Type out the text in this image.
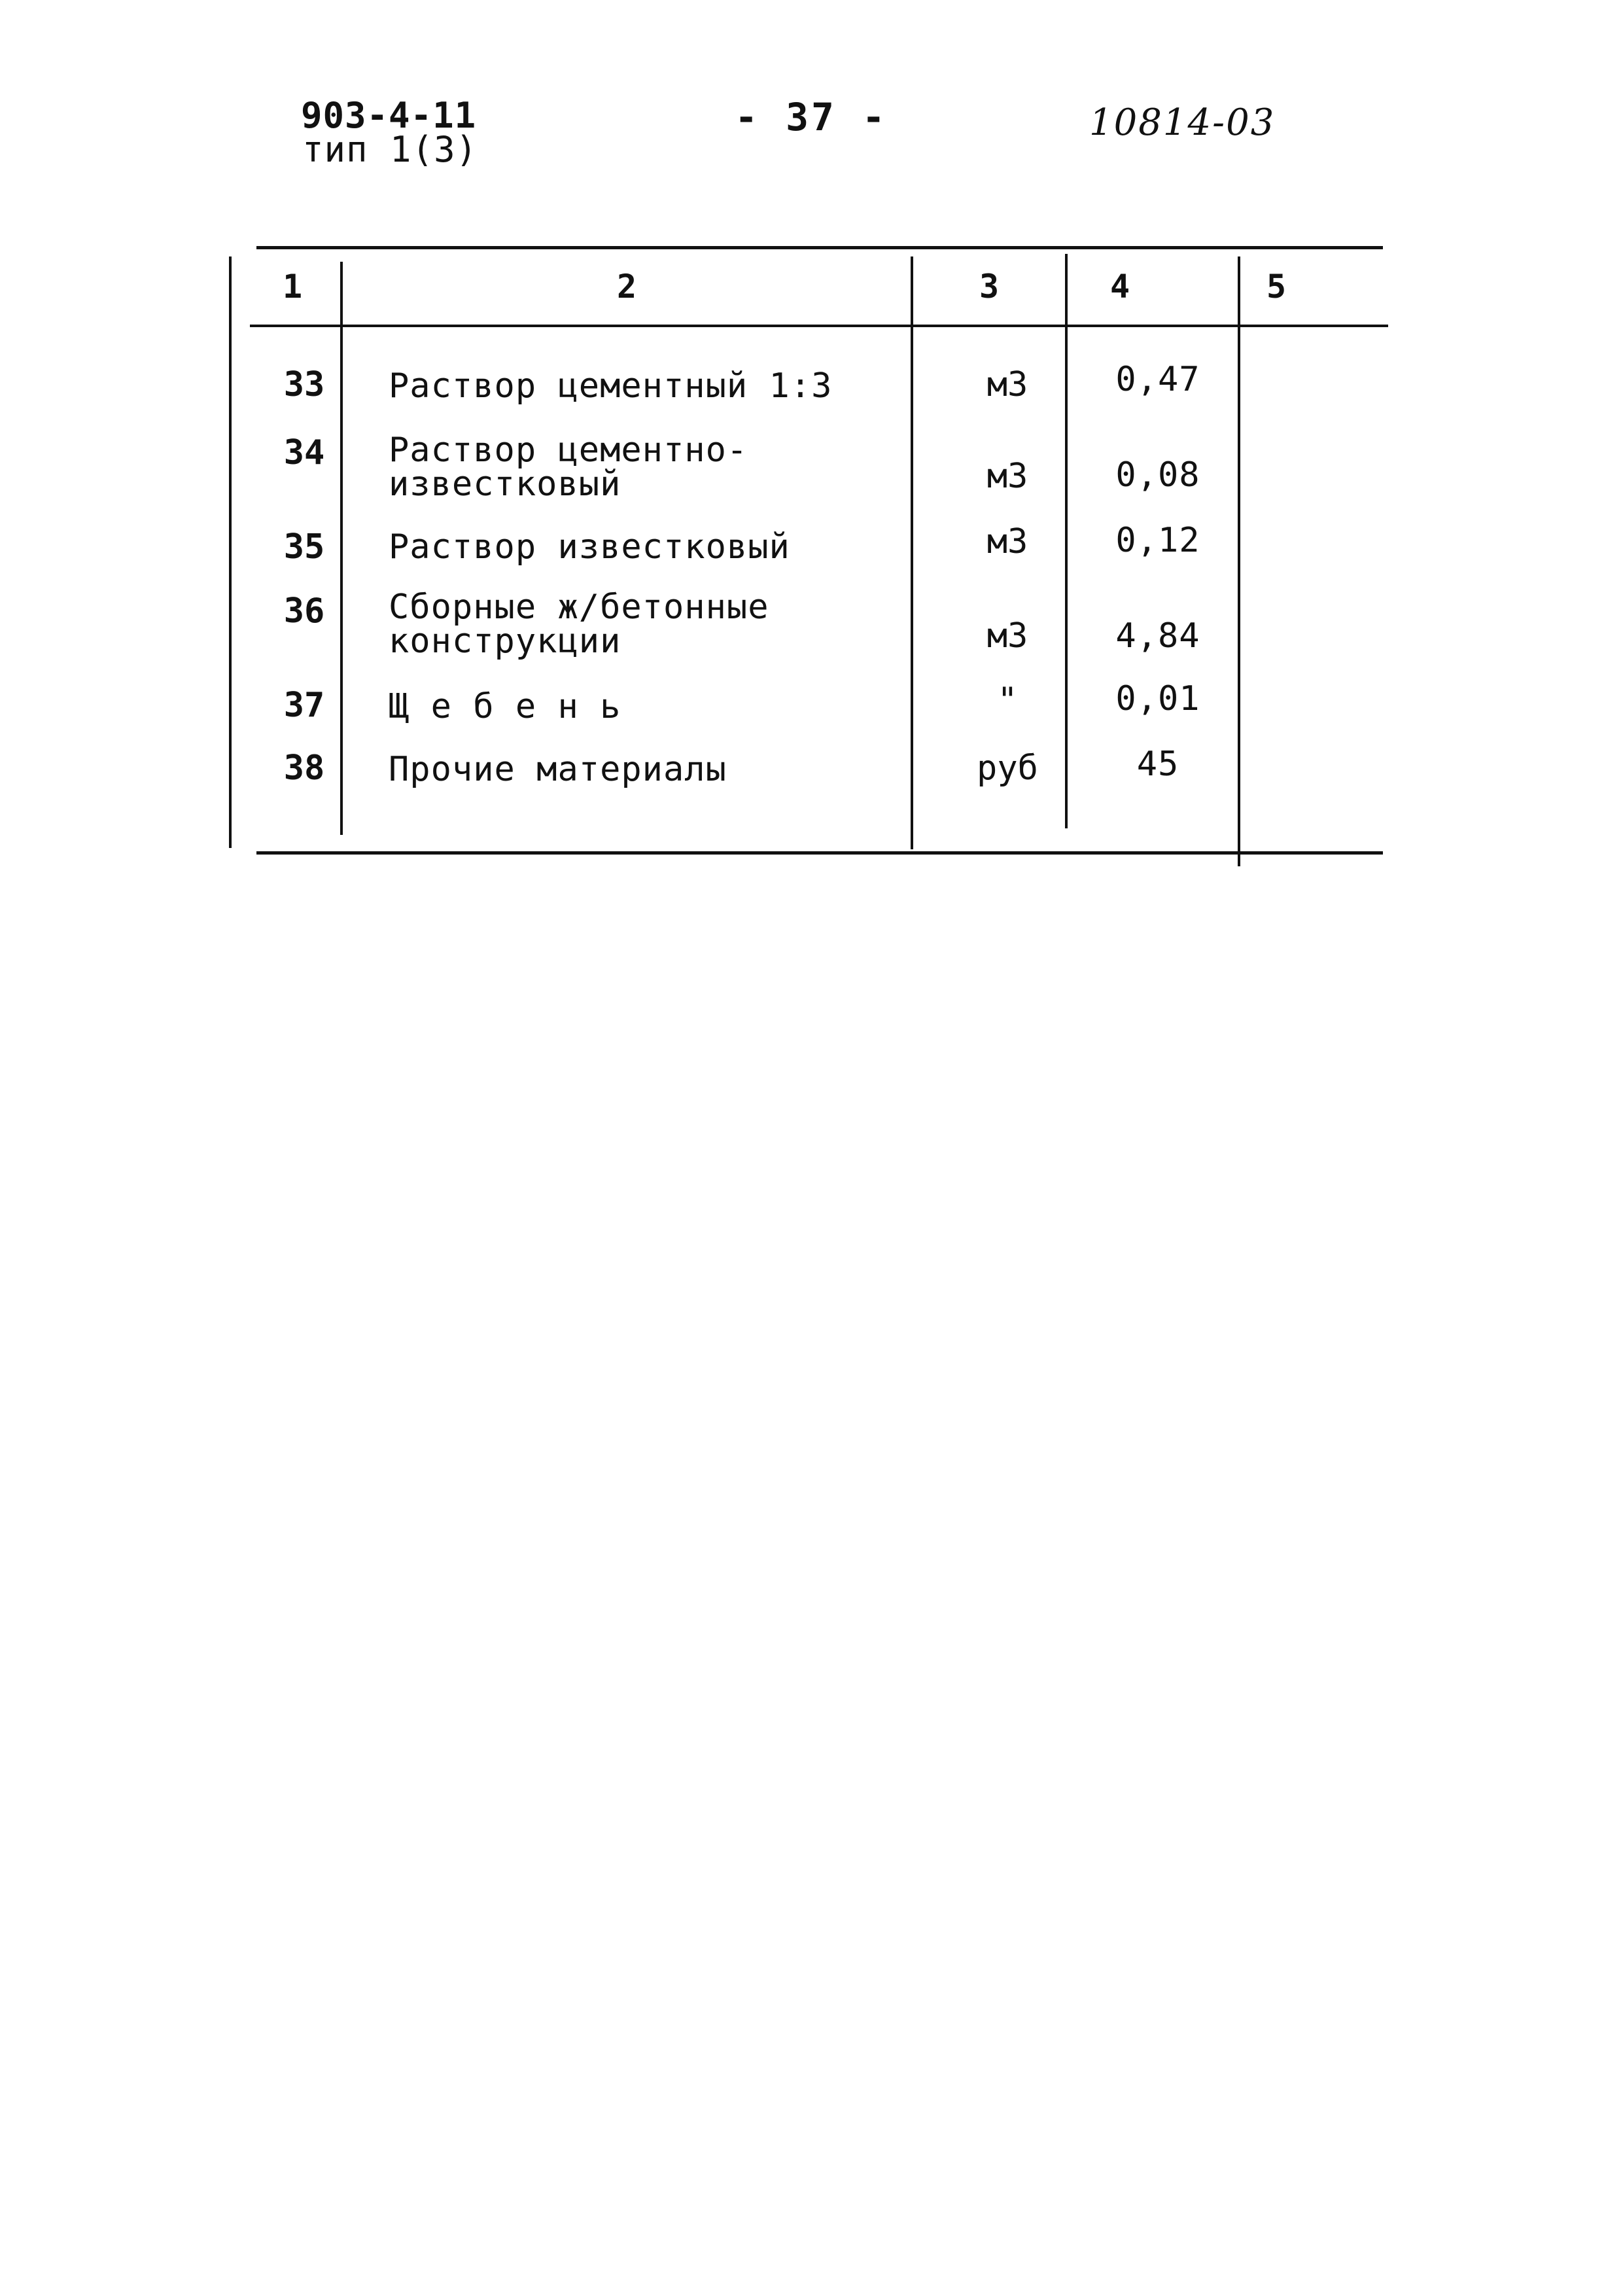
903-4-11
тип 1(3)
- 37 -	10814-03
1	2	3	4	5
33	Раствор цементный 1:3	м3	0,47
34	Раствор цементно-
известковый	м3	0,08
35	Раствор известковый	м3	0,12
36	Сборные ж/бетонные
конструкции	м3	4,84
37	Щ е б е н ь	"	0,01
38	Прочие материалы	руб	45
